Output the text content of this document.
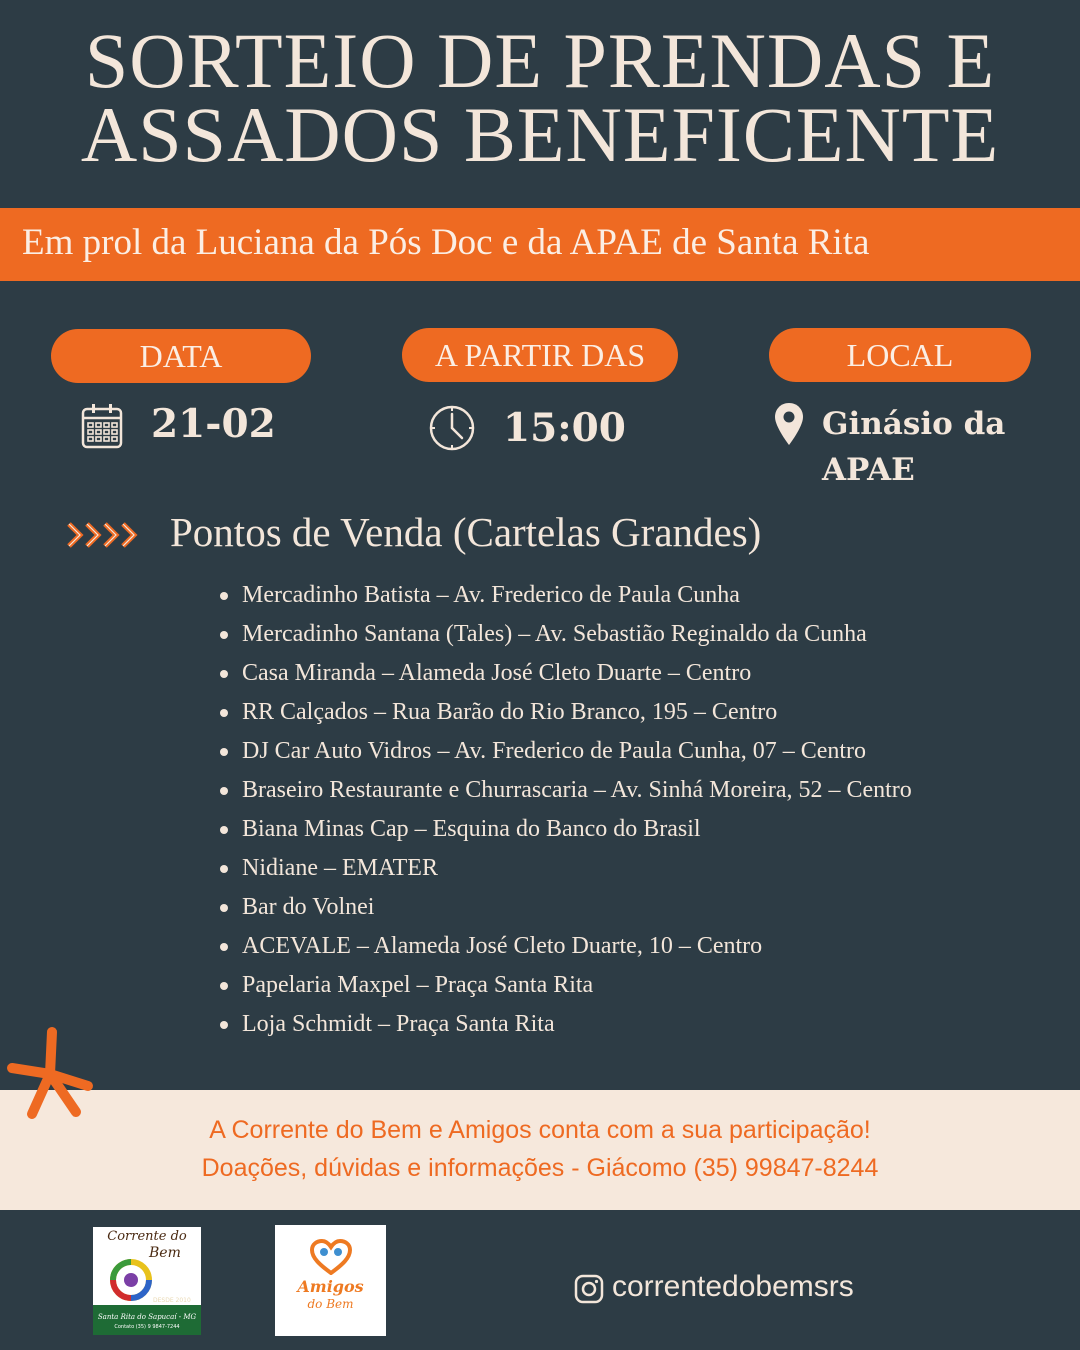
SORTEIO DE PRENDAS E
ASSADOS BENEFICENTE
Em prol da Luciana da Pós Doc e da APAE de Santa Rita
DATA	A PARTIR DAS	LOCAL
21-02	15:00	Ginásio da
APAE
Pontos de Venda (Cartelas Grandes)
Mercadinho Batista – Av. Frederico de Paula Cunha
Mercadinho Santana (Tales) – Av. Sebastião Reginaldo da Cunha
Casa Miranda – Alameda José Cleto Duarte – Centro
RR Calçados – Rua Barão do Rio Branco, 195 – Centro
DJ Car Auto Vidros – Av. Frederico de Paula Cunha, 07 – Centro
Braseiro Restaurante e Churrascaria – Av. Sinhá Moreira, 52 – Centro
Biana Minas Cap – Esquina do Banco do Brasil
Nidiane – EMATER
Bar do Volnei
ACEVALE – Alameda José Cleto Duarte, 10 – Centro
Papelaria Maxpel – Praça Santa Rita
Loja Schmidt – Praça Santa Rita
A Corrente do Bem e Amigos conta com a sua participação!
Doações, dúvidas e informações - Giácomo (35) 99847-8244
Corrente do
Bem
DESDE 2010
Santa Rita do Sapucaí - MG
Contato (35) 9 9847-7244
Amigos
do Bem
correntedobemsrs
